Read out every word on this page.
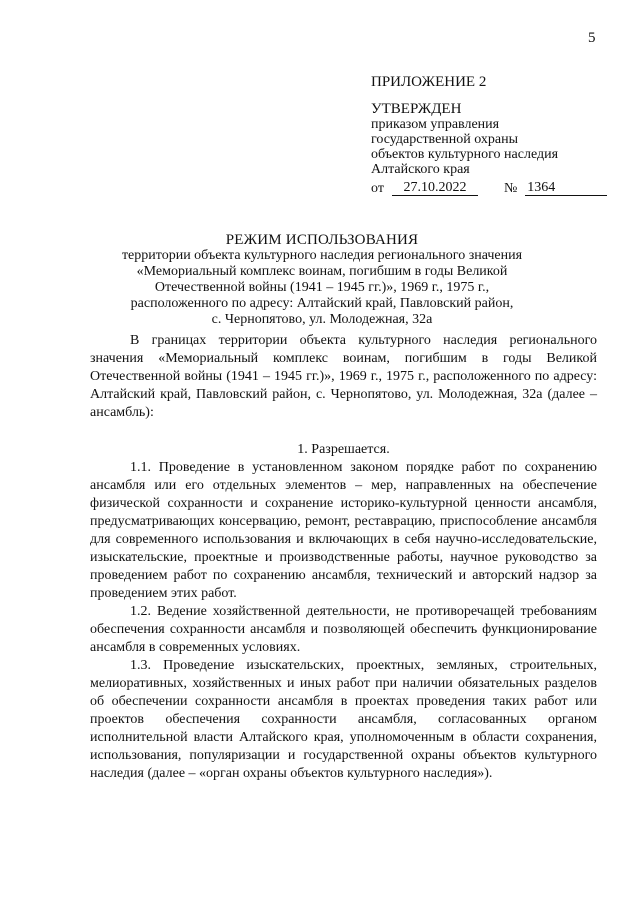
5
ПРИЛОЖЕНИЕ 2
УТВЕРЖДЕН
приказом управления
государственной охраны
объектов культурного наследия
Алтайского края
от	27.10.2022	№ 1364
РЕЖИМ ИСПОЛЬЗОВАНИЯ
территории объекта культурного наследия регионального значения
«Мемориальный комплекс воинам, погибшим в годы Великой
Отечественной войны (1941 – 1945 гг.)», 1969 г., 1975 г.,
расположенного по адресу: Алтайский край, Павловский район,
с. Чернопятово, ул. Молодежная, 32а

В границах территории объекта культурного наследия регионального значения «Мемориальный комплекс воинам, погибшим в годы Великой Отечественной войны (1941 – 1945 гг.)», 1969 г., 1975 г., расположенного по адресу: Алтайский край, Павловский район, с. Чернопятово, ул. Молодежная, 32а (далее – ансамбль):

1. Разрешается.

1.1. Проведение в установленном законом порядке работ по сохранению ансамбля или его отдельных элементов – мер, направленных на обеспечение физической сохранности и сохранение историко-культурной ценности ансамбля, предусматривающих консервацию, ремонт, реставрацию, приспособление ансамбля для современного использования и включающих в себя научно-исследовательские, изыскательские, проектные и производственные работы, научное руководство за проведением работ по сохранению ансамбля, технический и авторский надзор за проведением этих работ.

1.2. Ведение хозяйственной деятельности, не противоречащей требованиям обеспечения сохранности ансамбля и позволяющей обеспечить функционирование ансамбля в современных условиях.

1.3. Проведение изыскательских, проектных, земляных, строительных, мелиоративных, хозяйственных и иных работ при наличии обязательных разделов об обеспечении сохранности ансамбля в проектах проведения таких работ или проектов обеспечения сохранности ансамбля, согласованных органом исполнительной власти Алтайского края, уполномоченным в области сохранения, использования, популяризации и государственной охраны объектов культурного наследия (далее – «орган охраны объектов культурного наследия»).
